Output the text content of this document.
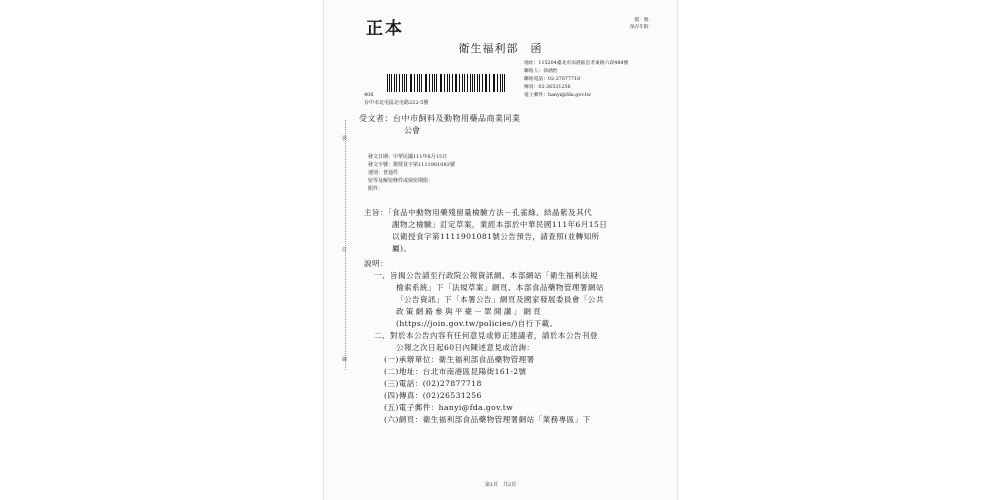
正本	檔　號：
保存年限：
衛生福利部　函
地址：115204臺北市南港區忠孝東路六段488號
聯絡人：徐涵怡
聯絡電話：02-27877718
傳真：02-26531256
電子郵件：hanyi@fda.gov.tw
406
台中市北屯區北屯路222-5號
受文者：台中市飼料及動物用藥品商業同業
公會
發文日期：中華民國111年6月15日
發文字號：衛授食字第1111901083號
速別：普通件
密等及解密條件或保密期限：
附件：
主旨：「食品中動物用藥殘留量檢驗方法－孔雀綠、結晶紫及其代
謝物之檢驗」訂定草案，業經本部於中華民國111年6月15日
以衛授食字第1111901081號公告預告，請查照(並轉知所
屬)。
說明：
一、旨揭公告請至行政院公報資訊網、本部網站「衛生福利法規
檢索系統」下「法規草案」網頁、本部食品藥物管理署網站
「公告資訊」下「本署公告」網頁及國家發展委員會「公共
政策網路參與平臺－眾開講」網頁
(https://join.gov.tw/policies/)自行下載。
二、對於本公告內容有任何意見或修正建議者，請於本公告刊登
公報之次日起60日內陳述意見或洽詢：
(一)承辦單位：衛生福利部食品藥物管理署
(二)地址：台北市南港區昆陽街161-2號
(三)電話：(02)27877718
(四)傳真：(02)26531256
(五)電子郵件：hanyi@fda.gov.tw
(六)網頁：衛生福利部食品藥物管理署網站「業務專區」下
裝
訂
線
第1頁　共2頁
